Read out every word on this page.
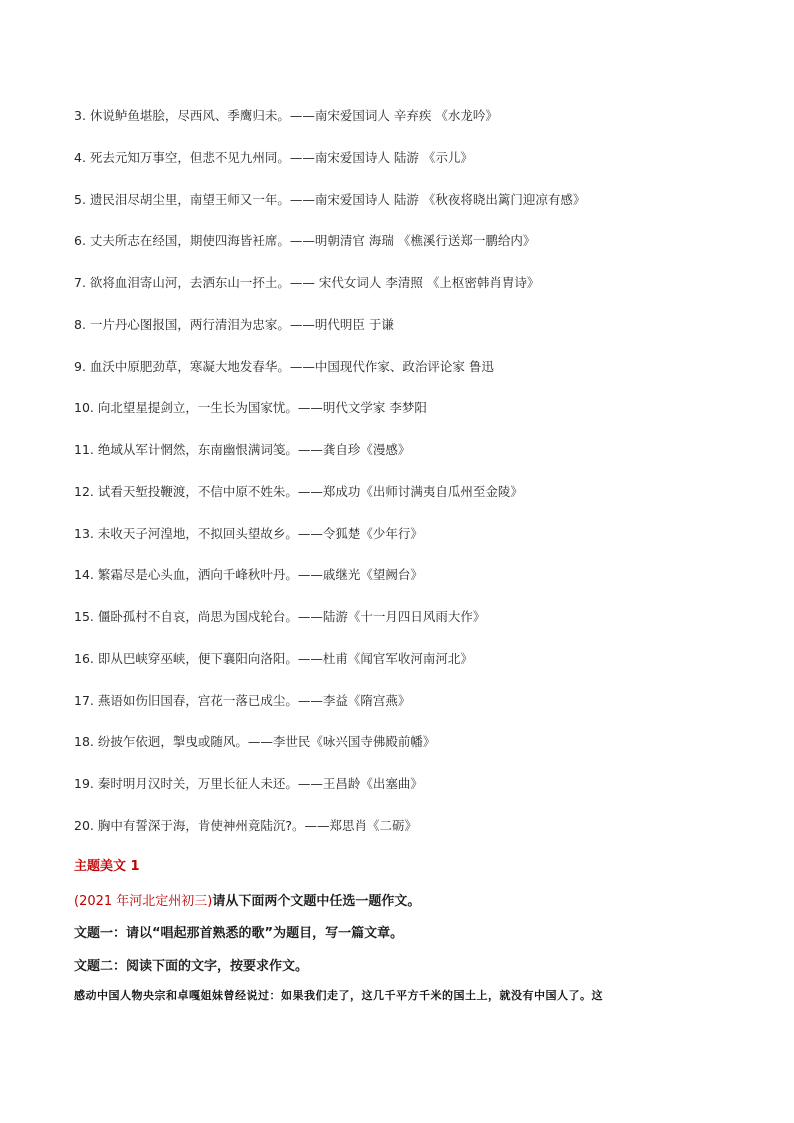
3. 休说鲈鱼堪脍，尽西风、季鹰归未。——南宋爱国词人 辛弃疾 《水龙吟》
4. 死去元知万事空，但悲不见九州同。——南宋爱国诗人 陆游 《示儿》
5. 遗民泪尽胡尘里，南望王师又一年。——南宋爱国诗人 陆游 《秋夜将晓出篱门迎凉有感》
6. 丈夫所志在经国，期使四海皆衽席。——明朝清官 海瑞 《樵溪行送郑一鹏给内》
7. 欲将血泪寄山河，去洒东山一抔土。—— 宋代女词人 李清照 《上枢密韩肖胄诗》
8. 一片丹心图报国，两行清泪为忠家。——明代明臣 于谦
9. 血沃中原肥劲草，寒凝大地发春华。——中国现代作家、政治评论家 鲁迅
10. 向北望星提剑立，一生长为国家忧。——明代文学家 李梦阳
11. 绝域从军计惘然，东南幽恨满词笺。——龚自珍《漫感》
12. 试看天堑投鞭渡，不信中原不姓朱。——郑成功《出师讨满夷自瓜州至金陵》
13. 未收天子河湟地，不拟回头望故乡。——令狐楚《少年行》
14. 繁霜尽是心头血，洒向千峰秋叶丹。——戚继光《望阙台》
15. 僵卧孤村不自哀，尚思为国戍轮台。——陆游《十一月四日风雨大作》
16. 即从巴峡穿巫峡，便下襄阳向洛阳。——杜甫《闻官军收河南河北》
17. 燕语如伤旧国春，宫花一落已成尘。——李益《隋宫燕》
18. 纷披乍依迥，掣曳或随风。——李世民《咏兴国寺佛殿前幡》
19. 秦时明月汉时关，万里长征人未还。——王昌龄《出塞曲》
20. 胸中有誓深于海，肯使神州竟陆沉?。——郑思肖《二砺》
主题美文 1
(2021 年河北定州初三)请从下面两个文题中任选一题作文。
文题一：请以“唱起那首熟悉的歌”为题目，写一篇文章。
文题二：阅读下面的文字，按要求作文。
感动中国人物央宗和卓嘎姐妹曾经说过：如果我们走了，这几千平方千米的国土上，就没有中国人了。这
